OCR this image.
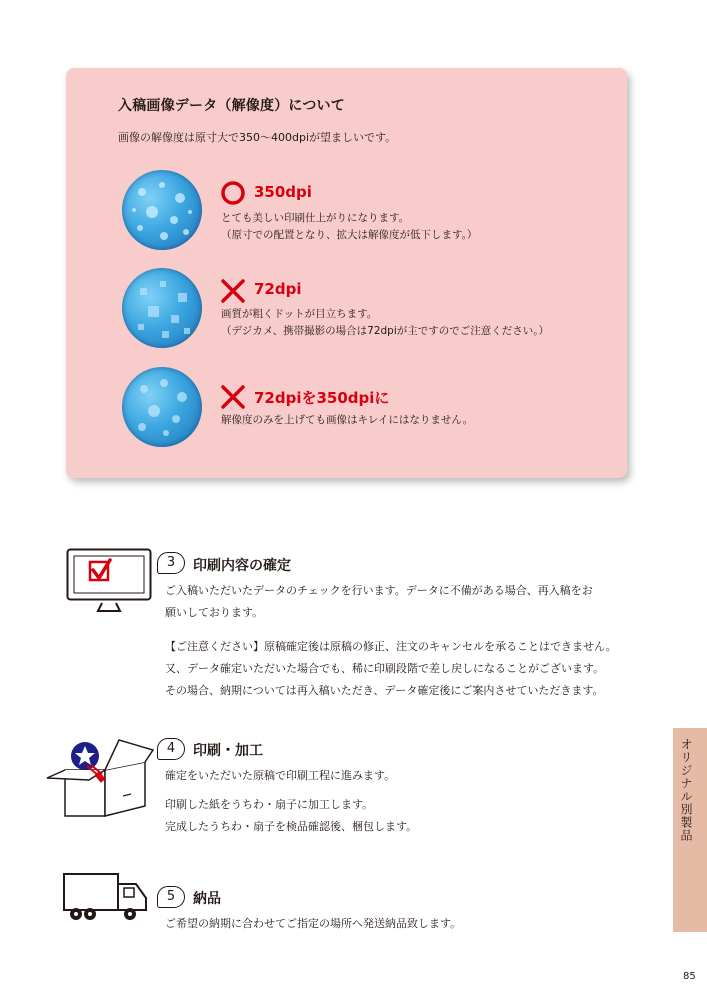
入稿画像データ（解像度）について
画像の解像度は原寸大で350～400dpiが望ましいです。
350dpi
とても美しい印刷仕上がりになります。
（原寸での配置となり、拡大は解像度が低下します。）
72dpi
画質が粗くドットが目立ちます。
（デジカメ、携帯撮影の場合は72dpiが主ですのでご注意ください。）
72dpiを350dpiに
解像度のみを上げても画像はキレイにはなりません。
3	印刷内容の確定
ご入稿いただいたデータのチェックを行います。データに不備がある場合、再入稿をお
願いしております。
【ご注意ください】原稿確定後は原稿の修正、注文のキャンセルを承ることはできません。
又、データ確定いただいた場合でも、稀に印刷段階で差し戻しになることがございます。
その場合、納期については再入稿いただき、データ確定後にご案内させていただきます。
4	印刷・加工
確定をいただいた原稿で印刷工程に進みます。
印刷した紙をうちわ・扇子に加工します。
完成したうちわ・扇子を検品確認後、梱包します。
5	納品
ご希望の納期に合わせてご指定の場所へ発送納品致します。
オリジナル別製品
85
